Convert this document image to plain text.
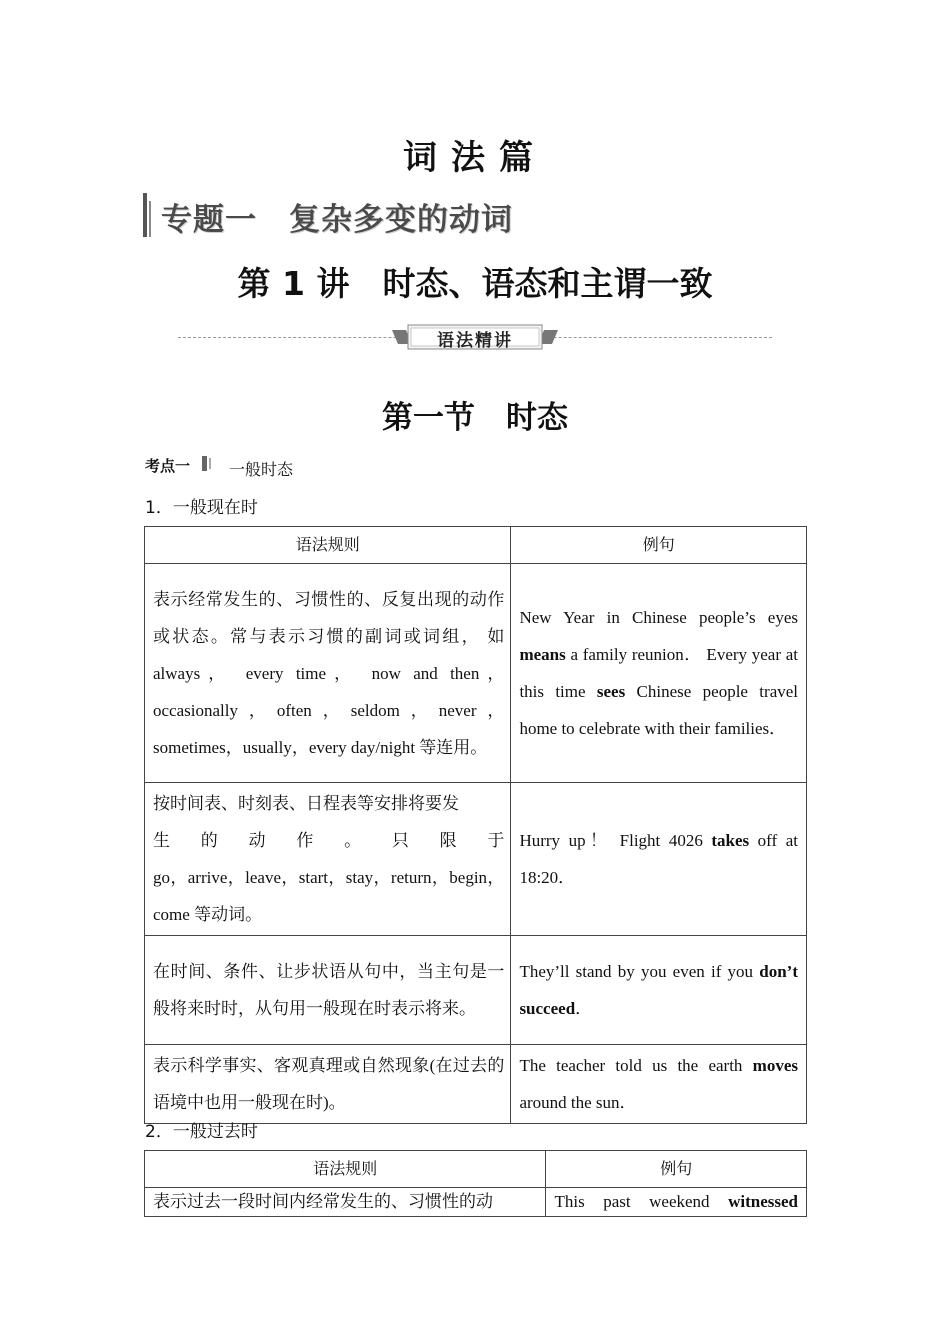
词法篇
专题一　复杂多变的动词
第 1 讲　时态、语态和主谓一致
语法精讲
第一节　时态
考点一 一般时态
1．一般现在时
语法规则	例句
表示经常发生的、习惯性的、反复出现的动作或状态。常与表示习惯的副词或词组， 如 always， every time， now and then，occasionally，often，seldom，never，sometimes，usually，every day/night 等连用。	New Year in Chinese people’s eyes means a family reunion． Every year at this time sees Chinese people travel home to celebrate with their families．

按时间表、时刻表、日程表等安排将要发
生 的 动 作 。 只 限 于
go，arrive，leave，start，stay，return，begin，come 等动词。	Hurry up！ Flight 4026 takes off at 18:20．
在时间、条件、让步状语从句中，当主句是一般将来时时，从句用一般现在时表示将来。	They’ll stand by you even if you don’t succeed．
表示科学事实、客观真理或自然现象(在过去的语境中也用一般现在时)。	The teacher told us the earth moves around the sun．
2．一般过去时
语法规则	例句
表示过去一段时间内经常发生的、习惯性的动	This past weekend witnessed
